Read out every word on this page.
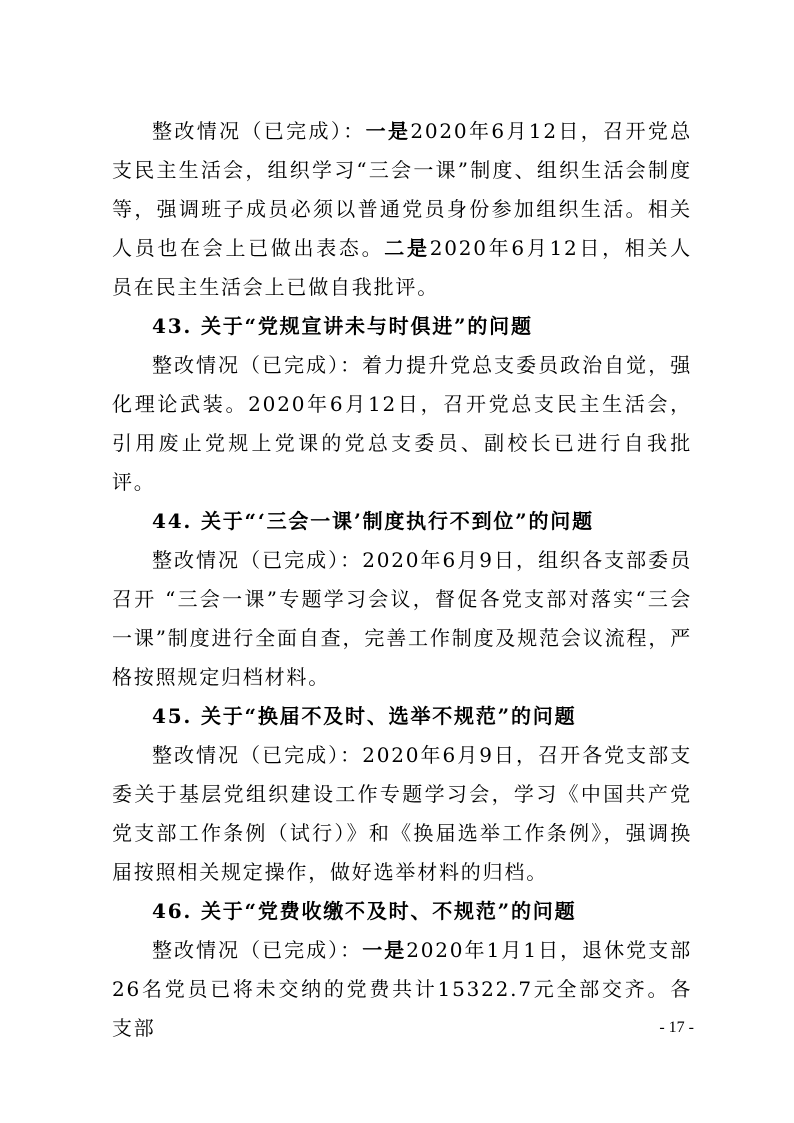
整改情况（已完成）：一是2020年6月12日，召开党总支民主生活会，组织学习“三会一课”制度、组织生活会制度等，强调班子成员必须以普通党员身份参加组织生活。相关人员也在会上已做出表态。二是2020年6月12日，相关人员在民主生活会上已做自我批评。

43. 关于“党规宣讲未与时俱进”的问题

整改情况（已完成）：着力提升党总支委员政治自觉，强化理论武装。2020年6月12日，召开党总支民主生活会，引用废止党规上党课的党总支委员、副校长已进行自我批评。

44. 关于“‘三会一课’制度执行不到位”的问题

整改情况（已完成）：2020年6月9日，组织各支部委员召开 “三会一课”专题学习会议，督促各党支部对落实“三会一课”制度进行全面自查，完善工作制度及规范会议流程，严格按照规定归档材料。

45. 关于“换届不及时、选举不规范”的问题

整改情况（已完成）：2020年6月9日，召开各党支部支委关于基层党组织建设工作专题学习会，学习《中国共产党党支部工作条例（试行）》和《换届选举工作条例》，强调换届按照相关规定操作，做好选举材料的归档。

46. 关于“党费收缴不及时、不规范”的问题

整改情况（已完成）：一是2020年1月1日，退休党支部26名党员已将未交纳的党费共计15322.7元全部交齐。各支部	- 17 -
